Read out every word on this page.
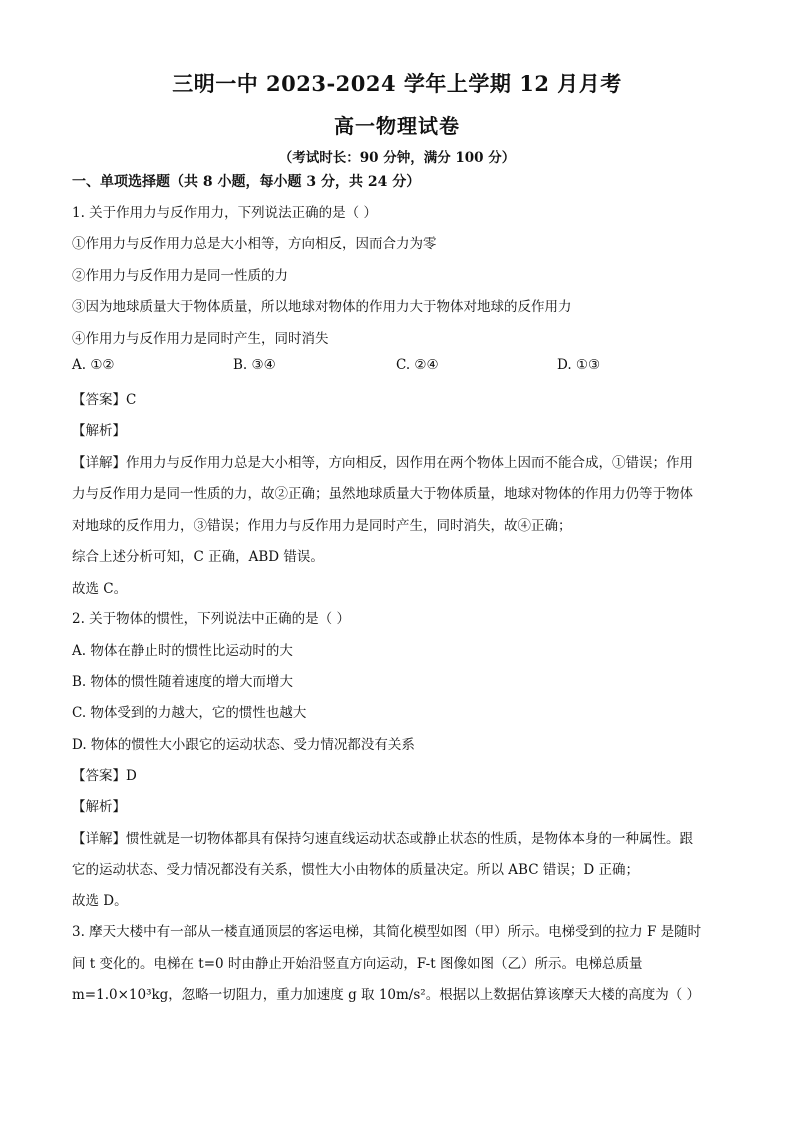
三明一中 2023-2024 学年上学期 12 月月考
高一物理试卷
（考试时长：90 分钟，满分 100 分）
一、单项选择题（共 8 小题，每小题 3 分，共 24 分）
1. 关于作用力与反作用力，下列说法正确的是（ ）
①作用力与反作用力总是大小相等，方向相反，因而合力为零
②作用力与反作用力是同一性质的力
③因为地球质量大于物体质量，所以地球对物体的作用力大于物体对地球的反作用力
④作用力与反作用力是同时产生，同时消失
A. ①②	B. ③④	C. ②④	D. ①③
【答案】C
【解析】
【详解】作用力与反作用力总是大小相等，方向相反，因作用在两个物体上因而不能合成，①错误；作用
力与反作用力是同一性质的力，故②正确；虽然地球质量大于物体质量，地球对物体的作用力仍等于物体
对地球的反作用力，③错误；作用力与反作用力是同时产生，同时消失，故④正确；
综合上述分析可知，C 正确，ABD 错误。
故选 C。
2. 关于物体的惯性，下列说法中正确的是（ ）
A. 物体在静止时的惯性比运动时的大
B. 物体的惯性随着速度的增大而增大
C. 物体受到的力越大，它的惯性也越大
D. 物体的惯性大小跟它的运动状态、受力情况都没有关系
【答案】D
【解析】
【详解】惯性就是一切物体都具有保持匀速直线运动状态或静止状态的性质，是物体本身的一种属性。跟
它的运动状态、受力情况都没有关系，惯性大小由物体的质量决定。所以 ABC 错误；D 正确；
故选 D。
3. 摩天大楼中有一部从一楼直通顶层的客运电梯，其简化模型如图（甲）所示。电梯受到的拉力 F 是随时
间 t 变化的。电梯在 t=0 时由静止开始沿竖直方向运动，F-t 图像如图（乙）所示。电梯总质量
m=1.0×10³kg，忽略一切阻力，重力加速度 g 取 10m/s²。根据以上数据估算该摩天大楼的高度为（ ）
